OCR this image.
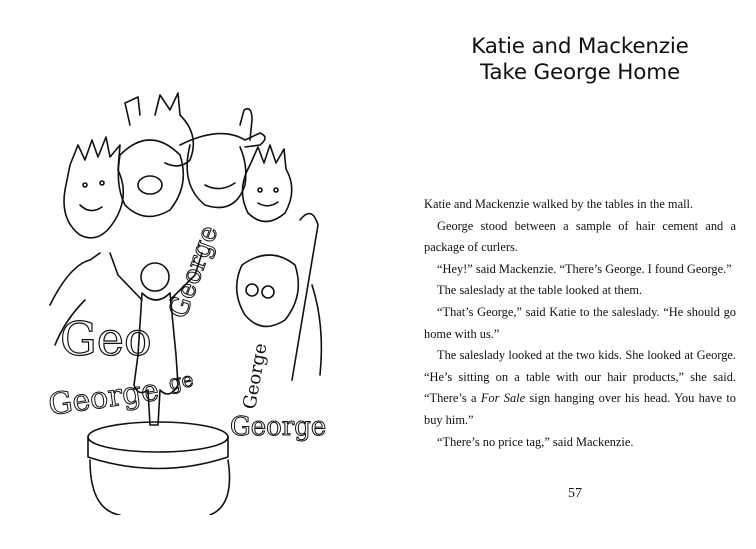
Geo
George
George
George
George
ge
Katie and Mackenzie
Take George Home

Katie and Mackenzie walked by the tables in the mall.

George stood between a sample of hair cement and a package of curlers.

“Hey!” said Mackenzie. “There’s George. I found George.”

The saleslady at the table looked at them.

“That’s George,” said Katie to the saleslady. “He should go home with us.”

The saleslady looked at the two kids. She looked at George. “He’s sitting on a table with our hair products,” she said. “There’s a For Sale sign hanging over his head. You have to buy him.”

“There’s no price tag,” said Mackenzie.

57
